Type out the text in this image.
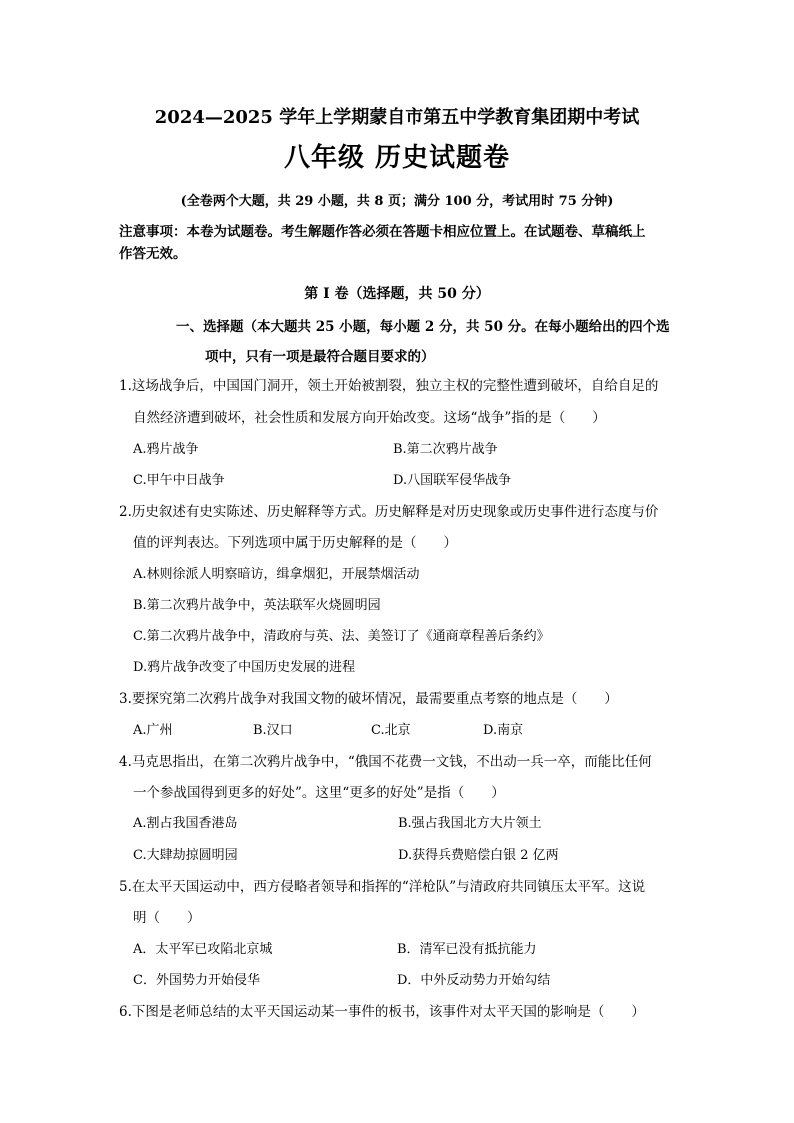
2024—2025 学年上学期蒙自市第五中学教育集团期中考试
八年级 历史试题卷
(全卷两个大题，共 29 小题，共 8 页；满分 100 分，考试用时 75 分钟)
注意事项：本卷为试题卷。考生解题作答必须在答题卡相应位置上。在试题卷、草稿纸上
作答无效。
第 I 卷（选择题，共 50 分）
一、选择题（本大题共 25 小题，每小题 2 分，共 50 分。在每小题给出的四个选
项中，只有一项是最符合题目要求的）
1.这场战争后，中国国门洞开，领土开始被割裂，独立主权的完整性遭到破坏，自给自足的
自然经济遭到破坏，社会性质和发展方向开始改变。这场“战争”指的是（　　）
A.鸦片战争	B.第二次鸦片战争
C.甲午中日战争	D.八国联军侵华战争
2.历史叙述有史实陈述、历史解释等方式。历史解释是对历史现象或历史事件进行态度与价
值的评判表达。下列选项中属于历史解释的是（　　）
A.林则徐派人明察暗访，缉拿烟犯，开展禁烟活动
B.第二次鸦片战争中，英法联军火烧圆明园
C.第二次鸦片战争中，清政府与英、法、美签订了《通商章程善后条约》
D.鸦片战争改变了中国历史发展的进程
3.要探究第二次鸦片战争对我国文物的破坏情况，最需要重点考察的地点是（　　）
A.广州	B.汉口	C.北京	D.南京
4.马克思指出，在第二次鸦片战争中，“俄国不花费一文钱，不出动一兵一卒，而能比任何
一个参战国得到更多的好处”。这里“更多的好处”是指（　　）
A.割占我国香港岛	B.强占我国北方大片领土
C.大肆劫掠圆明园	D.获得兵费赔偿白银 2 亿两
5.在太平天国运动中，西方侵略者领导和指挥的“洋枪队”与清政府共同镇压太平军。这说
明（　　）
A．太平军已攻陷北京城	B．清军已没有抵抗能力
C．外国势力开始侵华	D．中外反动势力开始勾结
6.下图是老师总结的太平天国运动某一事件的板书，该事件对太平天国的影响是（　　）
